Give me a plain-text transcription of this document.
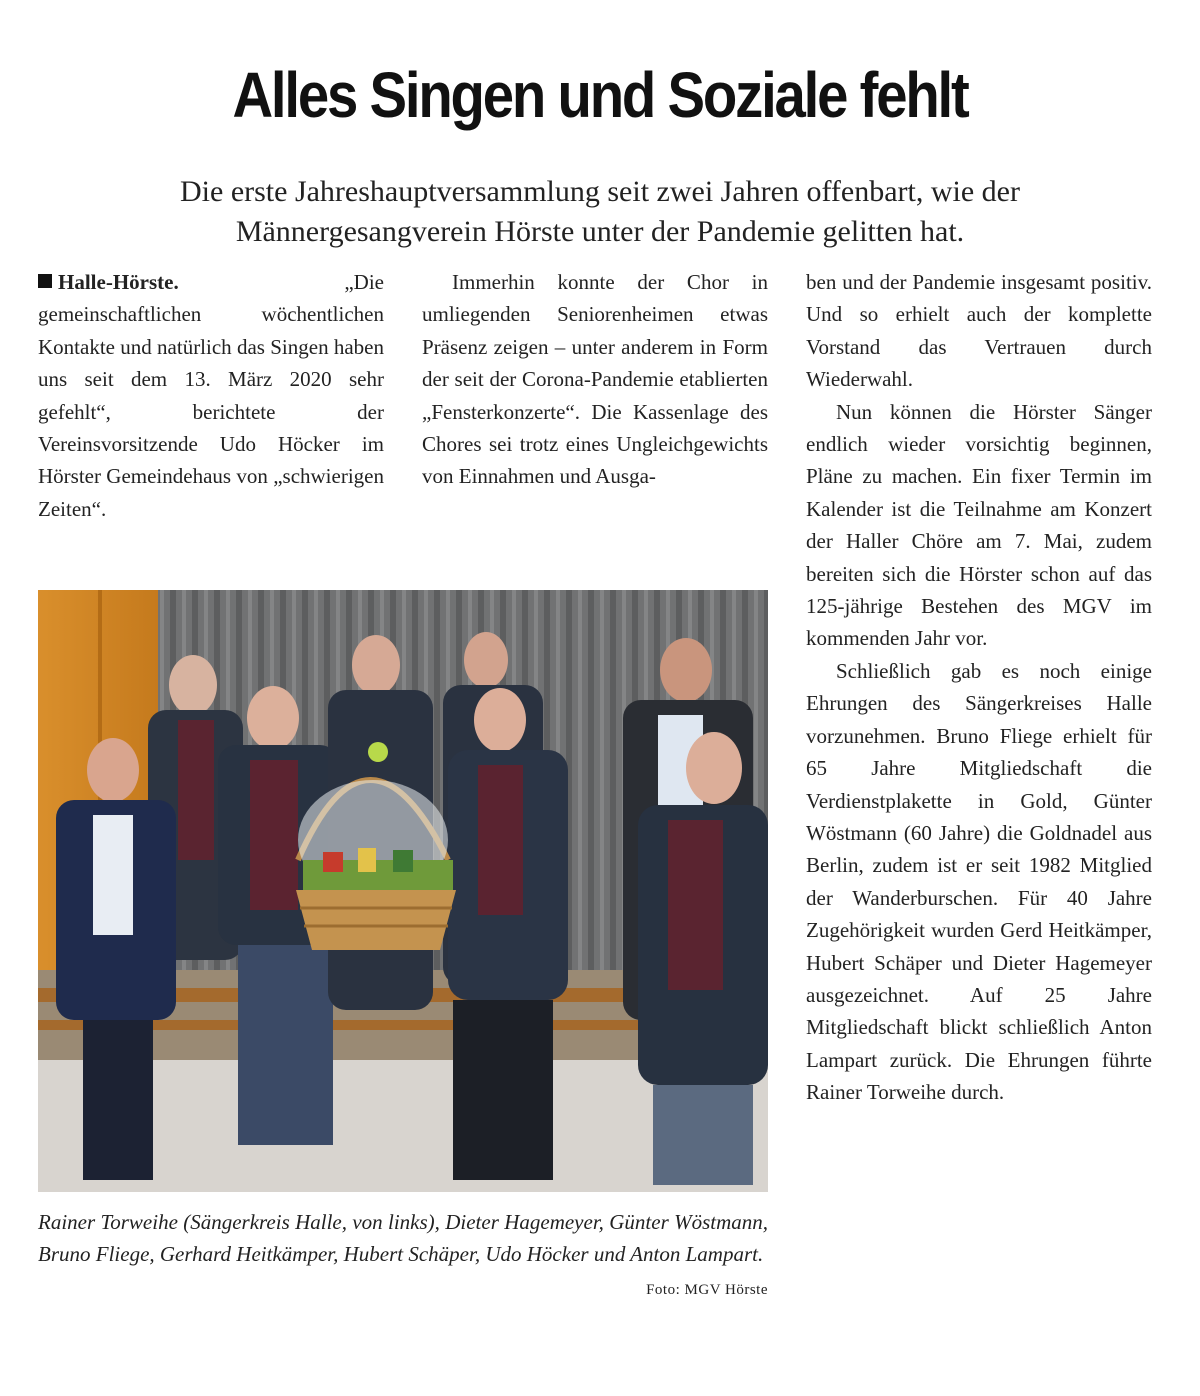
Alles Singen und Soziale fehlt

Die erste Jahreshauptversammlung seit zwei Jahren offenbart, wie der Männergesangverein Hörste unter der Pandemie gelitten hat.

Halle-Hörste.	„Die gemeinschaftlichen wöchentlichen Kontakte und natürlich das Singen haben uns seit dem 13. März 2020 sehr gefehlt“, berichtete der Vereinsvorsitzende Udo Höcker im Hörster Gemeindehaus von „schwierigen Zeiten“.

Immerhin konnte der Chor in umliegenden Seniorenheimen etwas Präsenz zeigen – unter anderem in Form der seit der Corona-Pandemie etablierten „Fensterkonzerte“. Die Kassenlage des Chores sei trotz eines Ungleichgewichts von Einnahmen und Ausga-

ben und der Pandemie insgesamt positiv. Und so erhielt auch der komplette Vorstand das Vertrauen durch Wiederwahl.

Nun können die Hörster Sänger endlich wieder vorsichtig beginnen, Pläne zu machen. Ein fixer Termin im Kalender ist die Teilnahme am Konzert der Haller Chöre am 7. Mai, zudem bereiten sich die Hörster schon auf das 125-jährige Bestehen des MGV im kommenden Jahr vor.

Schließlich gab es noch einige Ehrungen des Sängerkreises Halle vorzunehmen. Bruno Fliege erhielt für 65 Jahre Mitgliedschaft die Verdienstplakette in Gold, Günter Wöstmann (60 Jahre) die Goldnadel aus Berlin, zudem ist er seit 1982 Mitglied der Wanderburschen. Für 40 Jahre Zugehörigkeit wurden Gerd Heitkämper, Hubert Schäper und Dieter Hagemeyer ausgezeichnet. Auf 25 Jahre Mitgliedschaft blickt schließlich Anton Lampart zurück. Die Ehrungen führte Rainer Torweihe durch.

Rainer Torweihe (Sängerkreis Halle, von links), Dieter Hagemeyer, Günter Wöstmann, Bruno Fliege, Gerhard Heitkämper, Hubert Schäper, Udo Höcker und Anton Lampart.
Foto: MGV Hörste
